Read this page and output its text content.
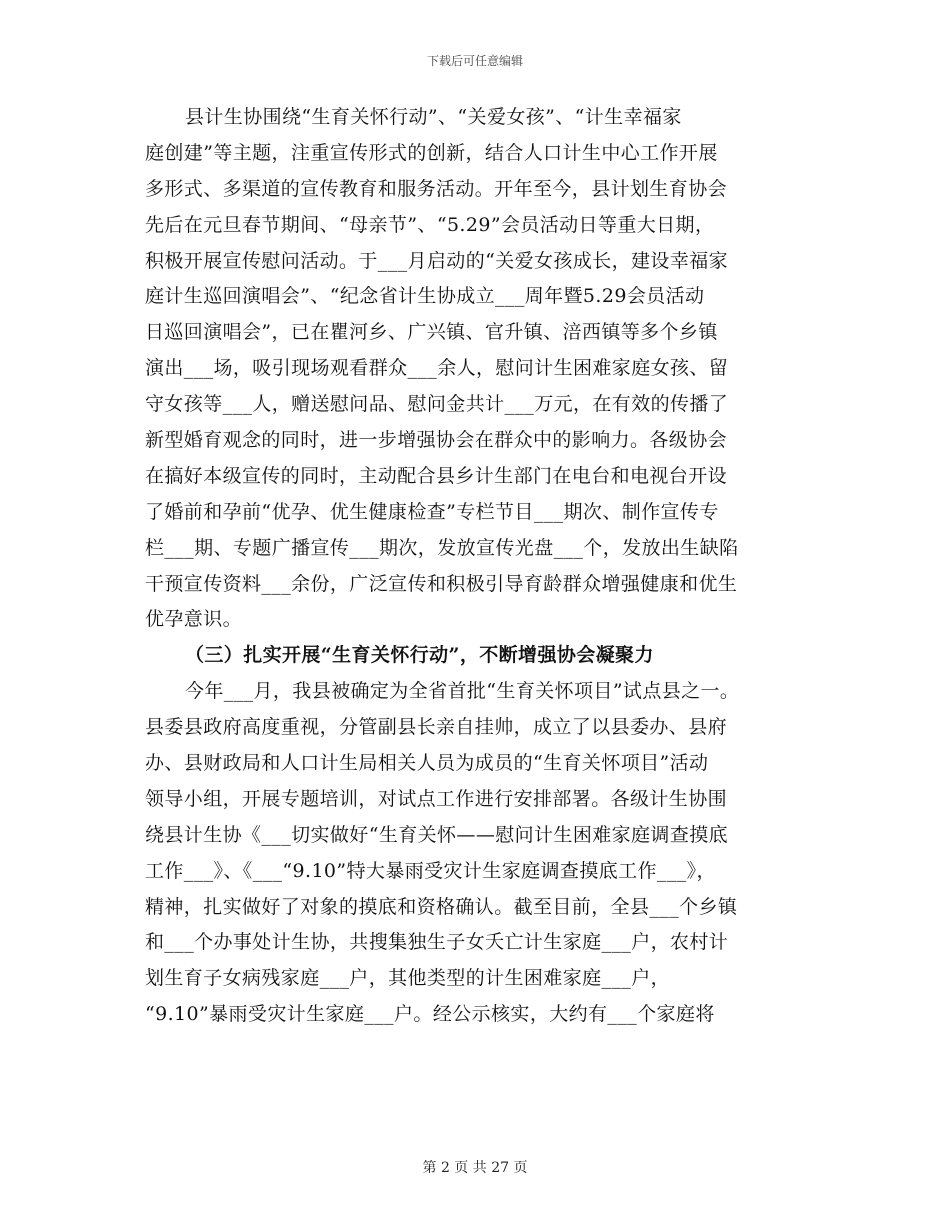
下载后可任意编辑
县计生协围绕“生育关怀行动”、“关爱女孩”、“计生幸福家
庭创建”等主题，注重宣传形式的创新，结合人口计生中心工作开展
多形式、多渠道的宣传教育和服务活动。开年至今，县计划生育协会
先后在元旦春节期间、“母亲节”、“5.29”会员活动日等重大日期，
积极开展宣传慰问活动。于___月启动的“关爱女孩成长，建设幸福家
庭计生巡回演唱会”、“纪念省计生协成立___周年暨5.29会员活动
日巡回演唱会”，已在瞿河乡、广兴镇、官升镇、涪西镇等多个乡镇
演出___场，吸引现场观看群众___余人，慰问计生困难家庭女孩、留
守女孩等___人，赠送慰问品、慰问金共计___万元，在有效的传播了
新型婚育观念的同时，进一步增强协会在群众中的影响力。各级协会
在搞好本级宣传的同时，主动配合县乡计生部门在电台和电视台开设
了婚前和孕前“优孕、优生健康检查”专栏节目___期次、制作宣传专
栏___期、专题广播宣传___期次，发放宣传光盘___个，发放出生缺陷
干预宣传资料___余份，广泛宣传和积极引导育龄群众增强健康和优生
优孕意识。
（三）扎实开展“生育关怀行动”，不断增强协会凝聚力
今年___月，我县被确定为全省首批“生育关怀项目”试点县之一。
县委县政府高度重视，分管副县长亲自挂帅，成立了以县委办、县府
办、县财政局和人口计生局相关人员为成员的“生育关怀项目”活动
领导小组，开展专题培训，对试点工作进行安排部署。各级计生协围
绕县计生协《___切实做好“生育关怀——慰问计生困难家庭调查摸底
工作___》、《___“9.10”特大暴雨受灾计生家庭调查摸底工作___》，
精神，扎实做好了对象的摸底和资格确认。截至目前，全县___个乡镇
和___个办事处计生协，共搜集独生子女夭亡计生家庭___户，农村计
划生育子女病残家庭___户，其他类型的计生困难家庭___户，
“9.10”暴雨受灾计生家庭___户。经公示核实，大约有___个家庭将
第 2 页 共 27 页
